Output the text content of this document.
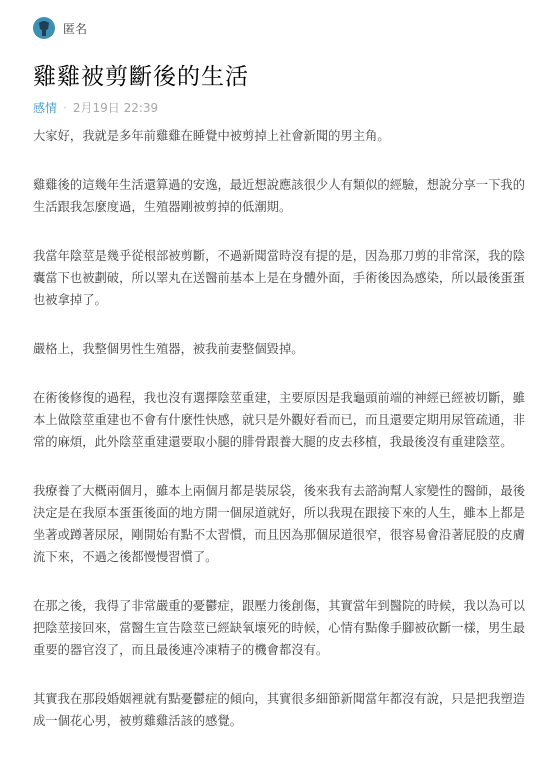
匿名
雞雞被剪斷後的生活
感情 · 2月19日 22:39

大家好，我就是多年前雞雞在睡覺中被剪掉上社會新聞的男主角。

雞雞後的這幾年生活還算過的安逸，最近想說應該很少人有類似的經驗，想說分享一下我的生活跟我怎麼度過，生殖器剛被剪掉的低潮期。

我當年陰莖是幾乎從根部被剪斷，不過新聞當時沒有提的是，因為那刀剪的非常深，我的陰囊當下也被劃破，所以睪丸在送醫前基本上是在身體外面，手術後因為感染，所以最後蛋蛋也被拿掉了。

嚴格上，我整個男性生殖器，被我前妻整個毀掉。

在術後修復的過程，我也沒有選擇陰莖重建，主要原因是我龜頭前端的神經已經被切斷，雖本上做陰莖重建也不會有什麼性快感，就只是外觀好看而已，而且還要定期用尿管疏通，非常的麻煩，此外陰莖重建還要取小腿的腓骨跟養大腿的皮去移植，我最後沒有重建陰莖。

我療養了大概兩個月，雖本上兩個月都是裝尿袋，後來我有去諮詢幫人家變性的醫師，最後決定是在我原本蛋蛋後面的地方開一個尿道就好，所以我現在跟接下來的人生，雖本上都是坐著或蹲著尿尿，剛開始有點不太習慣，而且因為那個尿道很窄，很容易會沿著屁股的皮膚流下來，不過之後都慢慢習慣了。

在那之後，我得了非常嚴重的憂鬱症，跟壓力後創傷，其實當年到醫院的時候，我以為可以把陰莖接回來，當醫生宣告陰莖已經缺氧壞死的時候，心情有點像手腳被砍斷一樣，男生最重要的器官沒了，而且最後連冷凍精子的機會都沒有。

其實我在那段婚姻裡就有點憂鬱症的傾向，其實很多細節新聞當年都沒有說，只是把我塑造成一個花心男，被剪雞雞活該的感覺。
